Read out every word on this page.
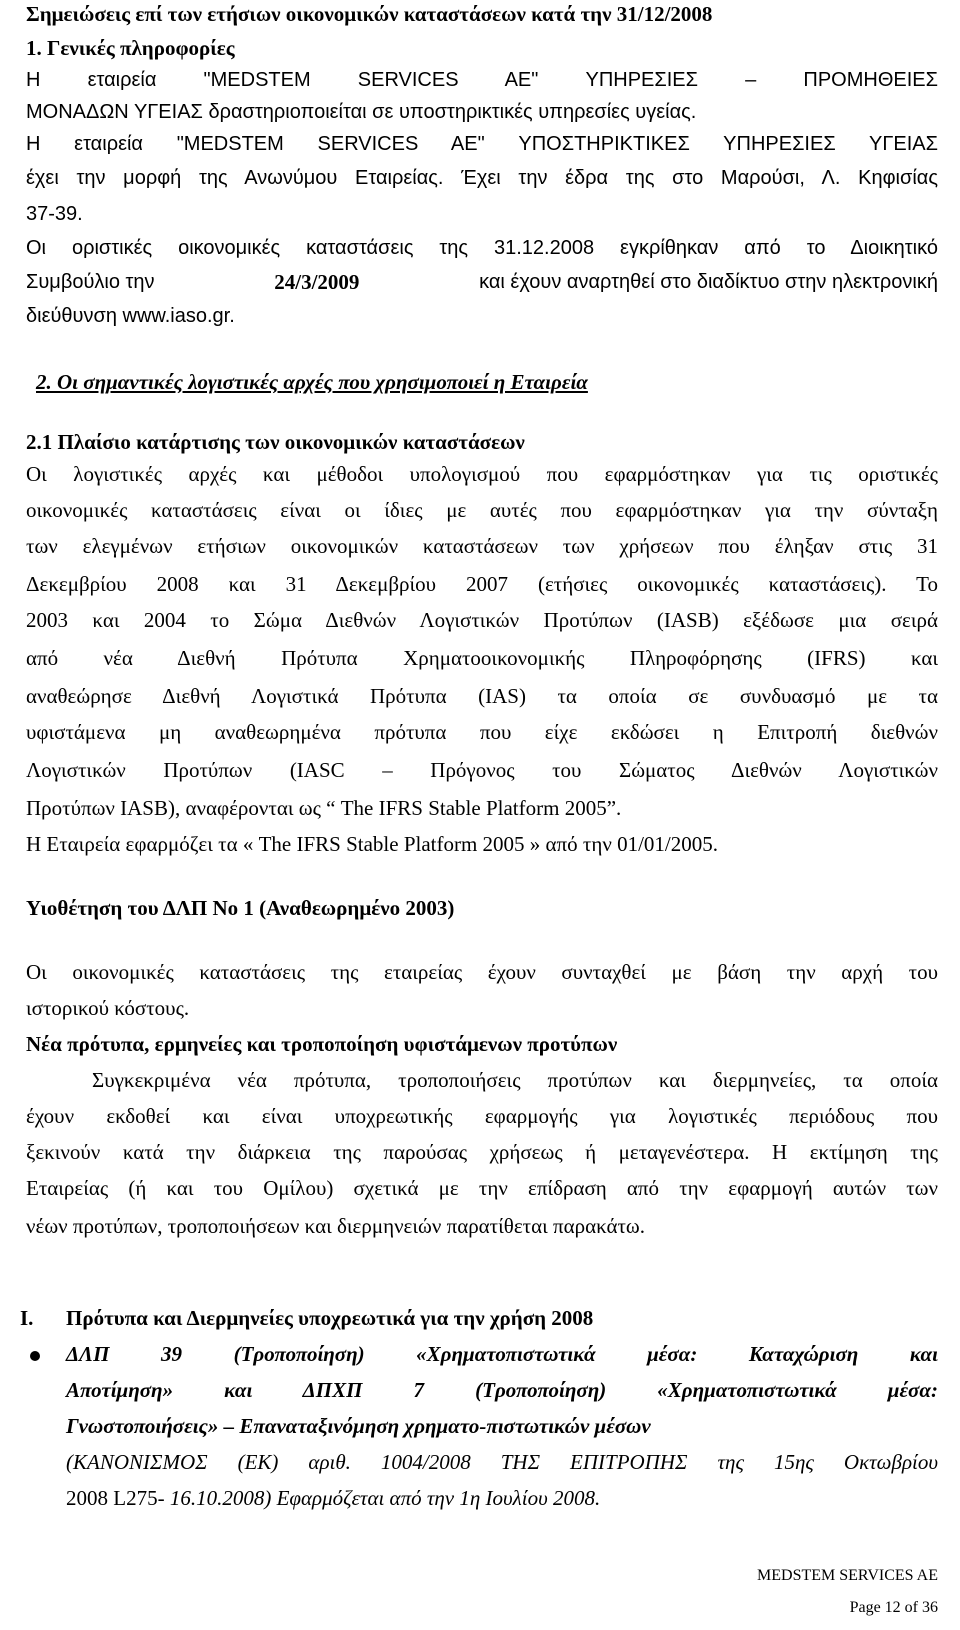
Σημειώσεις επί των ετήσιων οικονομικών καταστάσεων κατά την 31/12/2008

1. Γενικές πληροφορίες

Η εταιρεία "MEDSTEM SERVICES AE" ΥΠΗΡΕΣΙΕΣ – ΠΡΟΜΗΘΕΙΕΣ

ΜΟΝΑΔΩΝ ΥΓΕΙΑΣ δραστηριοποιείται σε υποστηρικτικές υπηρεσίες υγείας.

Η εταιρεία "MEDSTEM SERVICES AE" ΥΠΟΣΤΗΡΙΚΤΙΚΕΣ ΥΠΗΡΕΣΙΕΣ ΥΓΕΙΑΣ

έχει την μορφή της Ανωνύμου Εταιρείας. Έχει την έδρα της στο Μαρούσι, Λ. Κηφισίας

37-39.

Οι οριστικές οικονομικές καταστάσεις της 31.12.2008 εγκρίθηκαν από το Διοικητικό

Συμβούλιο την	24/3/2009	και έχουν αναρτηθεί στο διαδίκτυο στην ηλεκτρονική

διεύθυνση www.iaso.gr.

2. Οι σημαντικές λογιστικές αρχές που χρησιμοποιεί η Εταιρεία

2.1 Πλαίσιο κατάρτισης των οικονομικών καταστάσεων

Οι λογιστικές αρχές και μέθοδοι υπολογισμού που εφαρμόστηκαν για τις οριστικές

οικονομικές καταστάσεις είναι οι ίδιες με αυτές που εφαρμόστηκαν για την σύνταξη

των ελεγμένων ετήσιων οικονομικών καταστάσεων των χρήσεων που έληξαν στις 31

Δεκεμβρίου 2008 και 31 Δεκεμβρίου 2007 (ετήσιες οικονομικές καταστάσεις). Το

2003 και 2004 το Σώμα Διεθνών Λογιστικών Προτύπων (IASB) εξέδωσε μια σειρά

από νέα Διεθνή Πρότυπα Χρηματοοικονομικής Πληροφόρησης (IFRS) και

αναθεώρησε Διεθνή Λογιστικά Πρότυπα (IAS) τα οποία σε συνδυασμό με τα

υφιστάμενα μη αναθεωρημένα πρότυπα που είχε εκδώσει η Επιτροπή διεθνών

Λογιστικών Προτύπων (IASC – Πρόγονος του Σώματος Διεθνών Λογιστικών

Προτύπων IASB), αναφέρονται ως “ The IFRS Stable Platform 2005”.

Η Εταιρεία εφαρμόζει τα « The IFRS Stable Platform 2005 » από την 01/01/2005.

Υιοθέτηση του ΔΛΠ Νο 1 (Αναθεωρημένο 2003)

Οι οικονομικές καταστάσεις της εταιρείας έχουν συνταχθεί με βάση την αρχή του

ιστορικού κόστους.

Νέα πρότυπα, ερμηνείες και τροποποίηση υφιστάμενων προτύπων

Συγκεκριμένα νέα πρότυπα, τροποποιήσεις προτύπων και διερμηνείες, τα οποία

έχουν εκδοθεί και είναι υποχρεωτικής εφαρμογής για λογιστικές περιόδους που

ξεκινούν κατά την διάρκεια της παρούσας χρήσεως ή μεταγενέστερα. Η εκτίμηση της

Εταιρείας (ή και του Ομίλου) σχετικά με την επίδραση από την εφαρμογή αυτών των

νέων προτύπων, τροποποιήσεων και διερμηνειών παρατίθεται παρακάτω.

I.	Πρότυπα και Διερμηνείες υποχρεωτικά για την χρήση 2008

ΔΛΠ 39 (Τροποποίηση) «Χρηματοπιστωτικά μέσα: Καταχώριση και

Αποτίμηση» και ΔΠΧΠ 7 (Τροποποίηση) «Χρηματοπιστωτικά μέσα:

Γνωστοποιήσεις» – Επαναταξινόμηση χρηματο-πιστωτικών μέσων

(ΚΑΝΟΝΙΣΜΟΣ (ΕΚ) αριθ. 1004/2008 ΤΗΣ ΕΠΙΤΡΟΠΗΣ της 15ης Οκτωβρίου

2008 L275- 16.10.2008) Εφαρμόζεται από την 1η Ιουλίου 2008.

MEDSTEM SERVICES AE
Page 12 of 36
